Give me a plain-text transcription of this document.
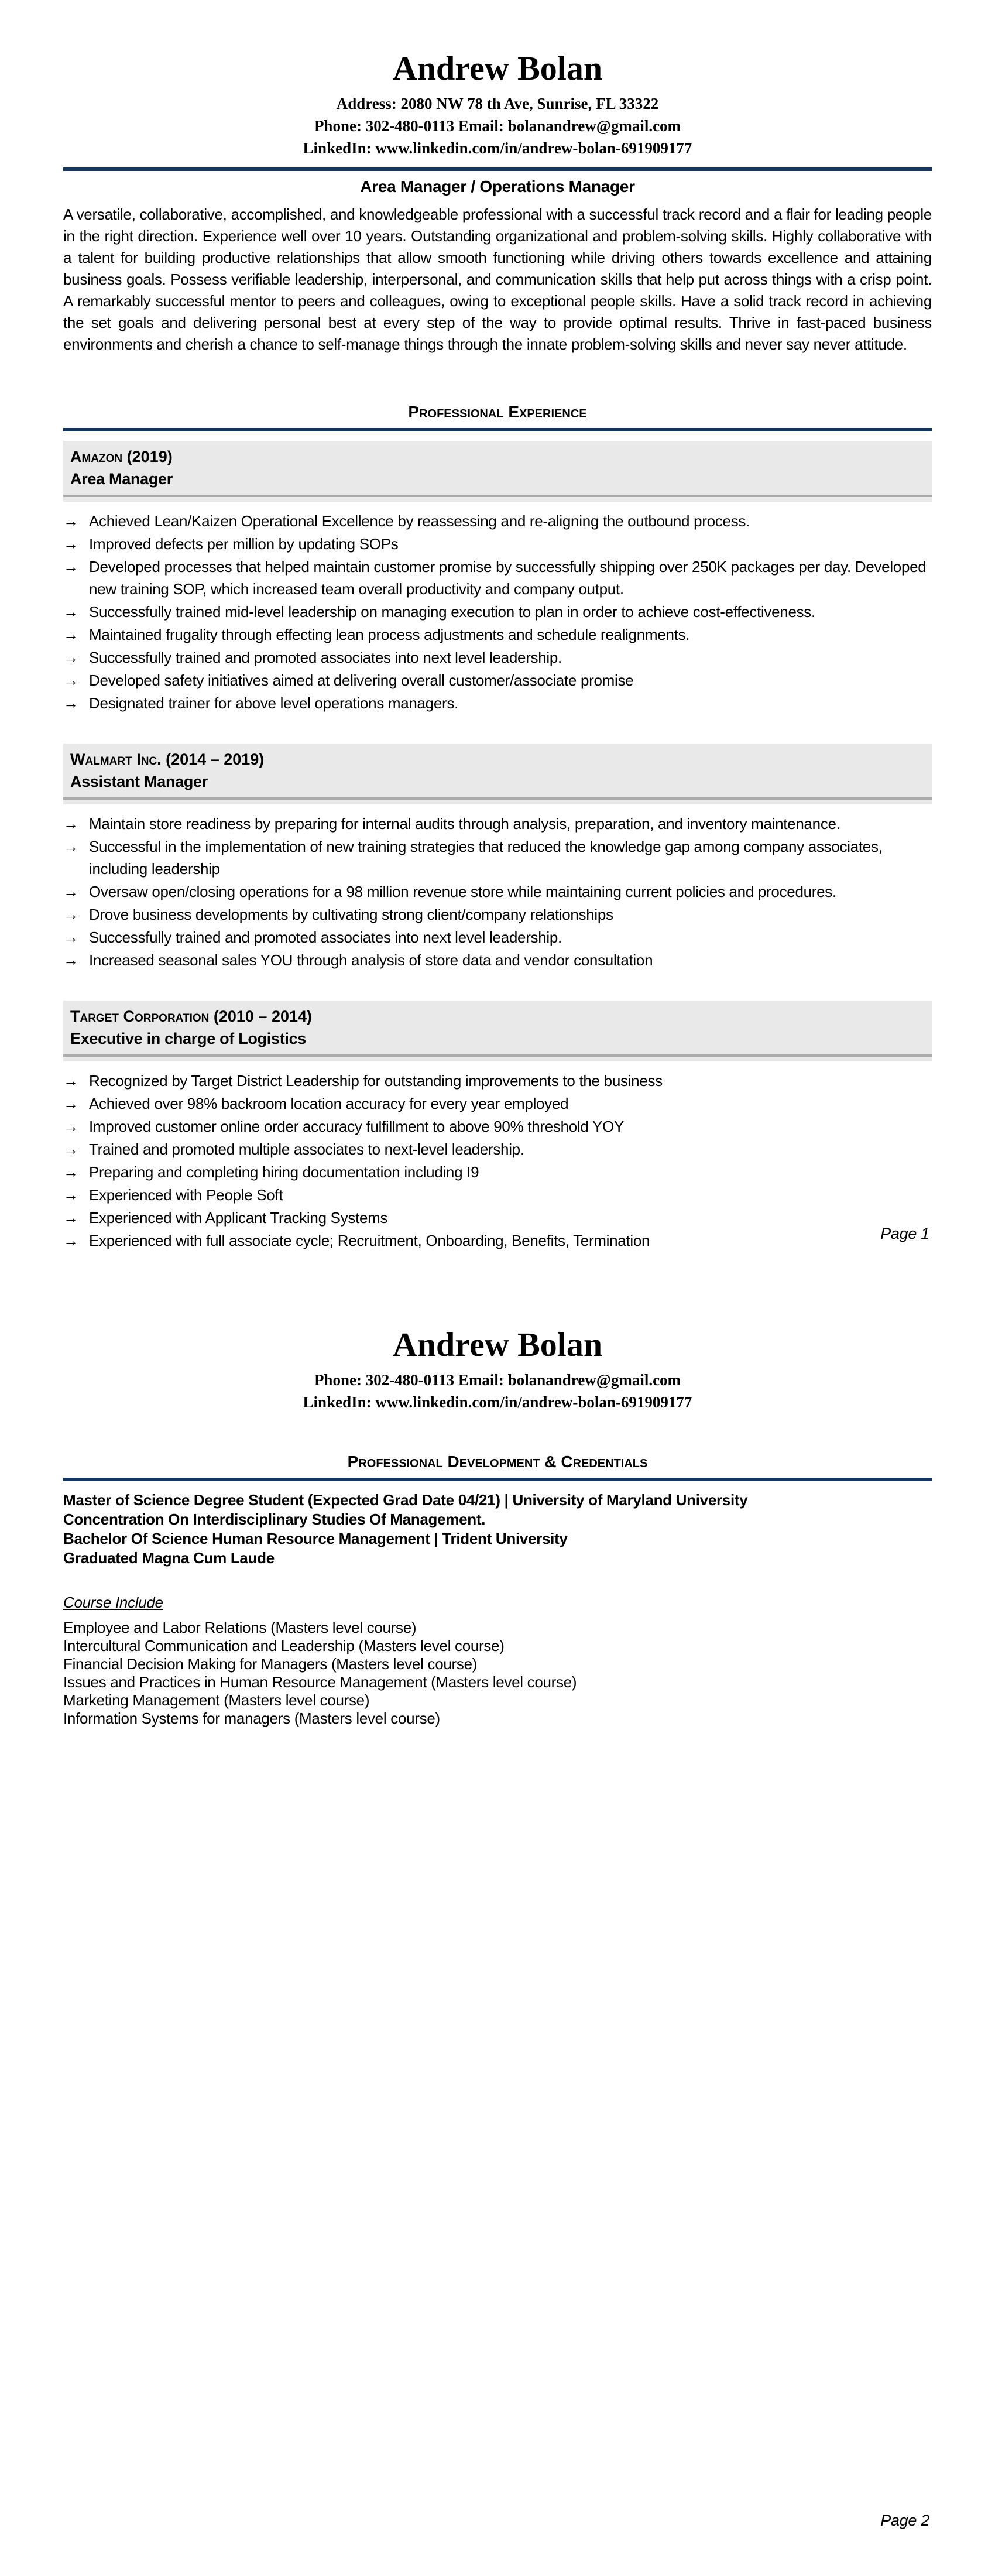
Andrew Bolan

Address: 2080 NW 78 th Ave, Sunrise, FL 33322

Phone: 302-480-0113 Email: bolanandrew@gmail.com

LinkedIn: www.linkedin.com/in/andrew-bolan-691909177

Area Manager / Operations Manager

A versatile, collaborative, accomplished, and knowledgeable professional with a successful track record and a flair for leading people in the right direction. Experience well over 10 years. Outstanding organizational and problem-solving skills. Highly collaborative with a talent for building productive relationships that allow smooth functioning while driving others towards excellence and attaining business goals. Possess verifiable leadership, interpersonal, and communication skills that help put across things with a crisp point. A remarkably successful mentor to peers and colleagues, owing to exceptional people skills. Have a solid track record in achieving the set goals and delivering personal best at every step of the way to provide optimal results. Thrive in fast-paced business environments and cherish a chance to self-manage things through the innate problem-solving skills and never say never attitude.

Professional Experience

Amazon (2019)

Area Manager

→ Achieved Lean/Kaizen Operational Excellence by reassessing and re-aligning the outbound process.
→ Improved defects per million by updating SOPs
→ Developed processes that helped maintain customer promise by successfully shipping over 250K packages per day. Developed new training SOP, which increased team overall productivity and company output.
→ Successfully trained mid-level leadership on managing execution to plan in order to achieve cost-effectiveness.
→ Maintained frugality through effecting lean process adjustments and schedule realignments.
→ Successfully trained and promoted associates into next level leadership.
→ Developed safety initiatives aimed at delivering overall customer/associate promise
→ Designated trainer for above level operations managers.

Walmart Inc. (2014 – 2019)

Assistant Manager

→ Maintain store readiness by preparing for internal audits through analysis, preparation, and inventory maintenance.
→ Successful in the implementation of new training strategies that reduced the knowledge gap among company associates, including leadership
→ Oversaw open/closing operations for a 98 million revenue store while maintaining current policies and procedures.
→ Drove business developments by cultivating strong client/company relationships
→ Successfully trained and promoted associates into next level leadership.
→ Increased seasonal sales YOU through analysis of store data and vendor consultation

Target Corporation (2010 – 2014)

Executive in charge of Logistics

→ Recognized by Target District Leadership for outstanding improvements to the business
→ Achieved over 98% backroom location accuracy for every year employed
→ Improved customer online order accuracy fulfillment to above 90% threshold YOY
→ Trained and promoted multiple associates to next-level leadership.
→ Preparing and completing hiring documentation including I9
→ Experienced with People Soft
→ Experienced with Applicant Tracking Systems
→ Experienced with full associate cycle; Recruitment, Onboarding, Benefits, Termination	Page 1
Andrew Bolan

Phone: 302-480-0113 Email: bolanandrew@gmail.com

LinkedIn: www.linkedin.com/in/andrew-bolan-691909177

Professional Development & Credentials
Master of Science Degree Student (Expected Grad Date 04/21) | University of Maryland University
Concentration On Interdisciplinary Studies Of Management.
Bachelor Of Science Human Resource Management | Trident University
Graduated Magna Cum Laude

Course Include

Employee and Labor Relations (Masters level course)
Intercultural Communication and Leadership (Masters level course)
Financial Decision Making for Managers (Masters level course)
Issues and Practices in Human Resource Management (Masters level course)
Marketing Management (Masters level course)
Information Systems for managers (Masters level course)
Page 2
